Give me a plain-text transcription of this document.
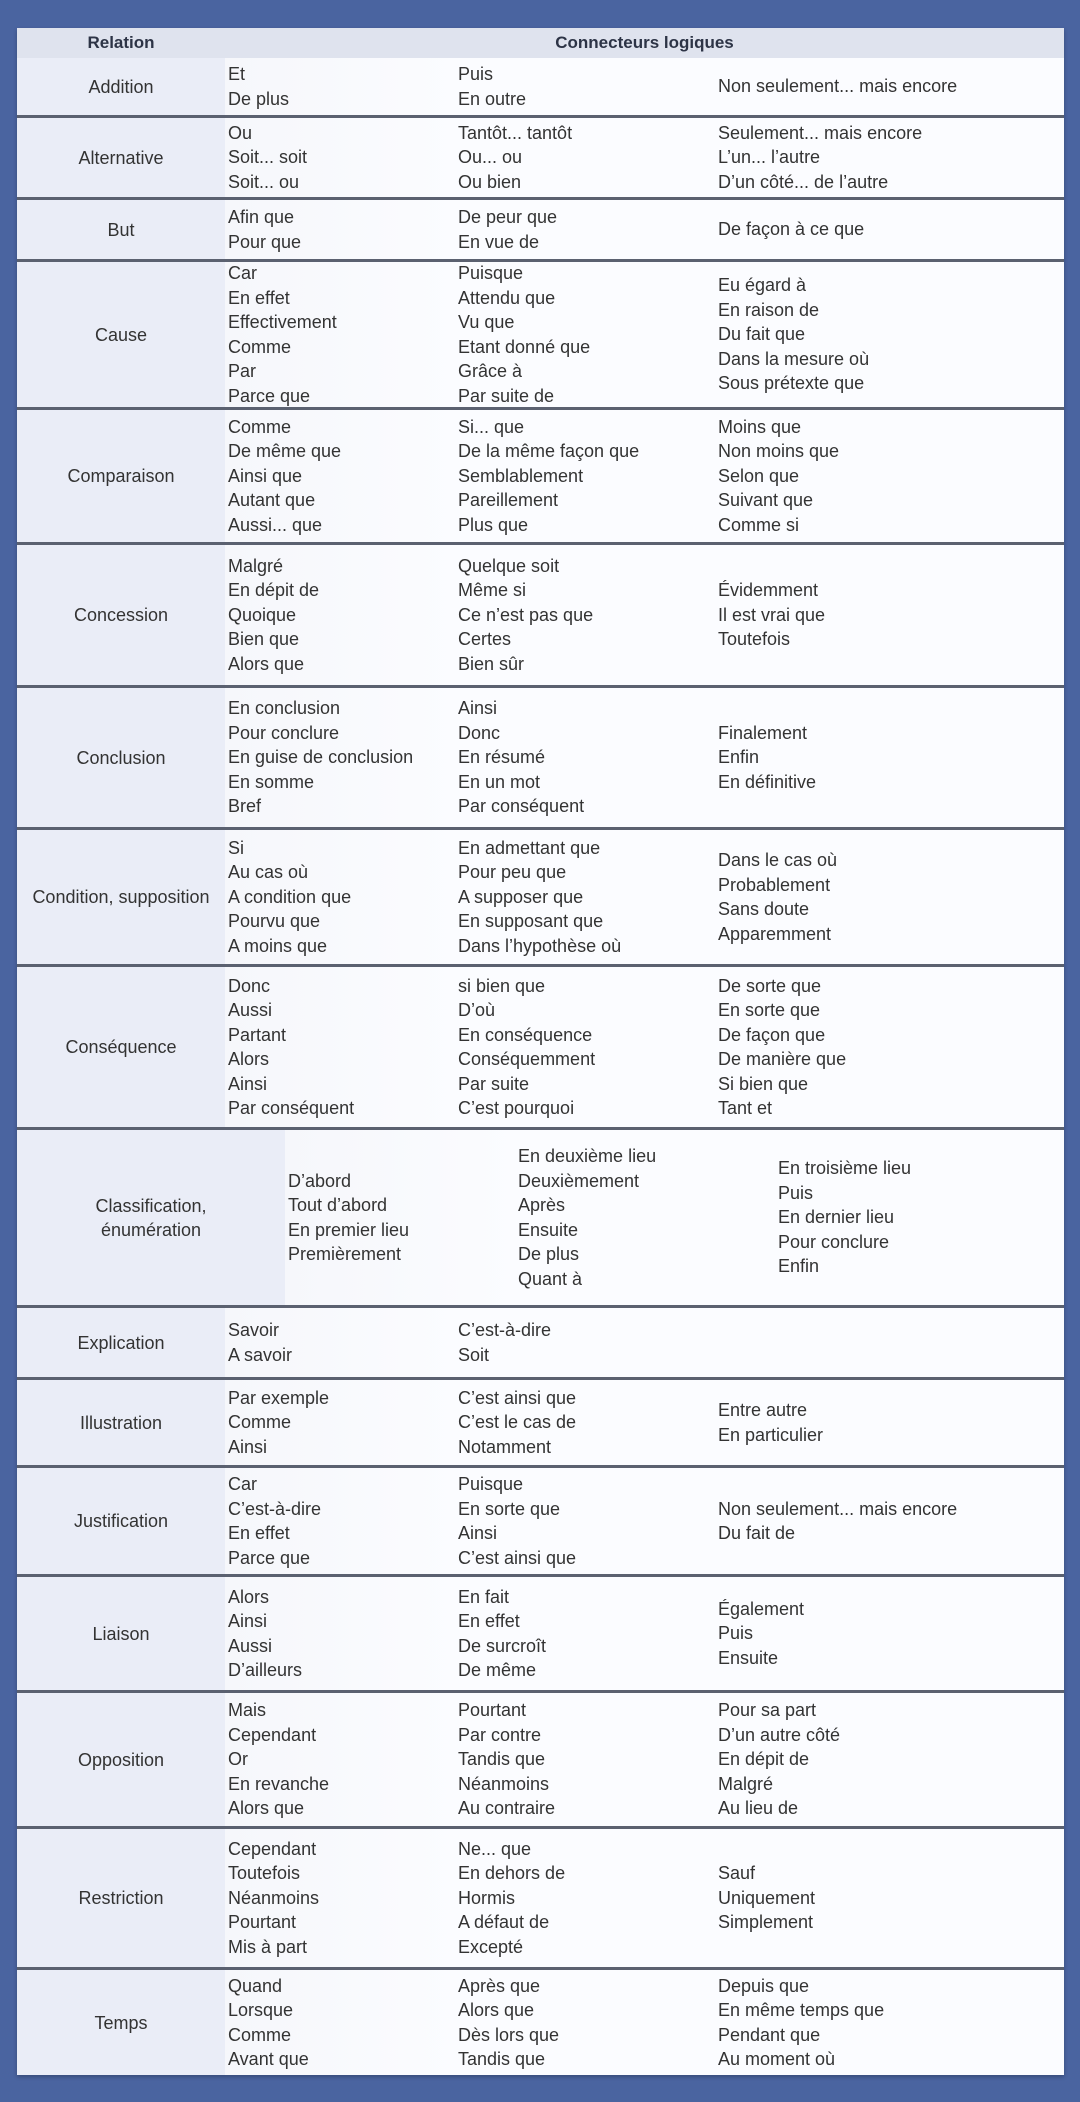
Relation	Connecteurs logiques
Addition
Et
De plus
Puis
En outre
Non seulement... mais encore
Alternative
Ou
Soit... soit
Soit... ou
Tantôt... tantôt
Ou... ou
Ou bien
Seulement... mais encore
L’un... l’autre
D’un côté... de l’autre
But
Afin que
Pour que
De peur que
En vue de
De façon à ce que
Cause
Car
En effet
Effectivement
Comme
Par
Parce que
Puisque
Attendu que
Vu que
Etant donné que
Grâce à
Par suite de
Eu égard à
En raison de
Du fait que
Dans la mesure où
Sous prétexte que
Comparaison
Comme
De même que
Ainsi que
Autant que
Aussi... que
Si... que
De la même façon que
Semblablement
Pareillement
Plus que
Moins que
Non moins que
Selon que
Suivant que
Comme si
Concession
Malgré
En dépit de
Quoique
Bien que
Alors que
Quelque soit
Même si
Ce n’est pas que
Certes
Bien sûr
Évidemment
Il est vrai que
Toutefois
Conclusion
En conclusion
Pour conclure
En guise de conclusion
En somme
Bref
Ainsi
Donc
En résumé
En un mot
Par conséquent
Finalement
Enfin
En définitive
Condition, supposition
Si
Au cas où
A condition que
Pourvu que
A moins que
En admettant que
Pour peu que
A supposer que
En supposant que
Dans l’hypothèse où
Dans le cas où
Probablement
Sans doute
Apparemment
Conséquence
Donc
Aussi
Partant
Alors
Ainsi
Par conséquent
si bien que
D’où
En conséquence
Conséquemment
Par suite
C’est pourquoi
De sorte que
En sorte que
De façon que
De manière que
Si bien que
Tant et
Classification, énumération
D’abord
Tout d’abord
En premier lieu
Premièrement
En deuxième lieu
Deuxièmement
Après
Ensuite
De plus
Quant à
En troisième lieu
Puis
En dernier lieu
Pour conclure
Enfin
Explication
Savoir
A savoir
C’est-à-dire
Soit
Illustration
Par exemple
Comme
Ainsi
C’est ainsi que
C’est le cas de
Notamment
Entre autre
En particulier
Justification
Car
C’est-à-dire
En effet
Parce que
Puisque
En sorte que
Ainsi
C’est ainsi que
Non seulement... mais encore
Du fait de
Liaison
Alors
Ainsi
Aussi
D’ailleurs
En fait
En effet
De surcroît
De même
Également
Puis
Ensuite
Opposition
Mais
Cependant
Or
En revanche
Alors que
Pourtant
Par contre
Tandis que
Néanmoins
Au contraire
Pour sa part
D’un autre côté
En dépit de
Malgré
Au lieu de
Restriction
Cependant
Toutefois
Néanmoins
Pourtant
Mis à part
Ne... que
En dehors de
Hormis
A défaut de
Excepté
Sauf
Uniquement
Simplement
Temps
Quand
Lorsque
Comme
Avant que
Après que
Alors que
Dès lors que
Tandis que
Depuis que
En même temps que
Pendant que
Au moment où
